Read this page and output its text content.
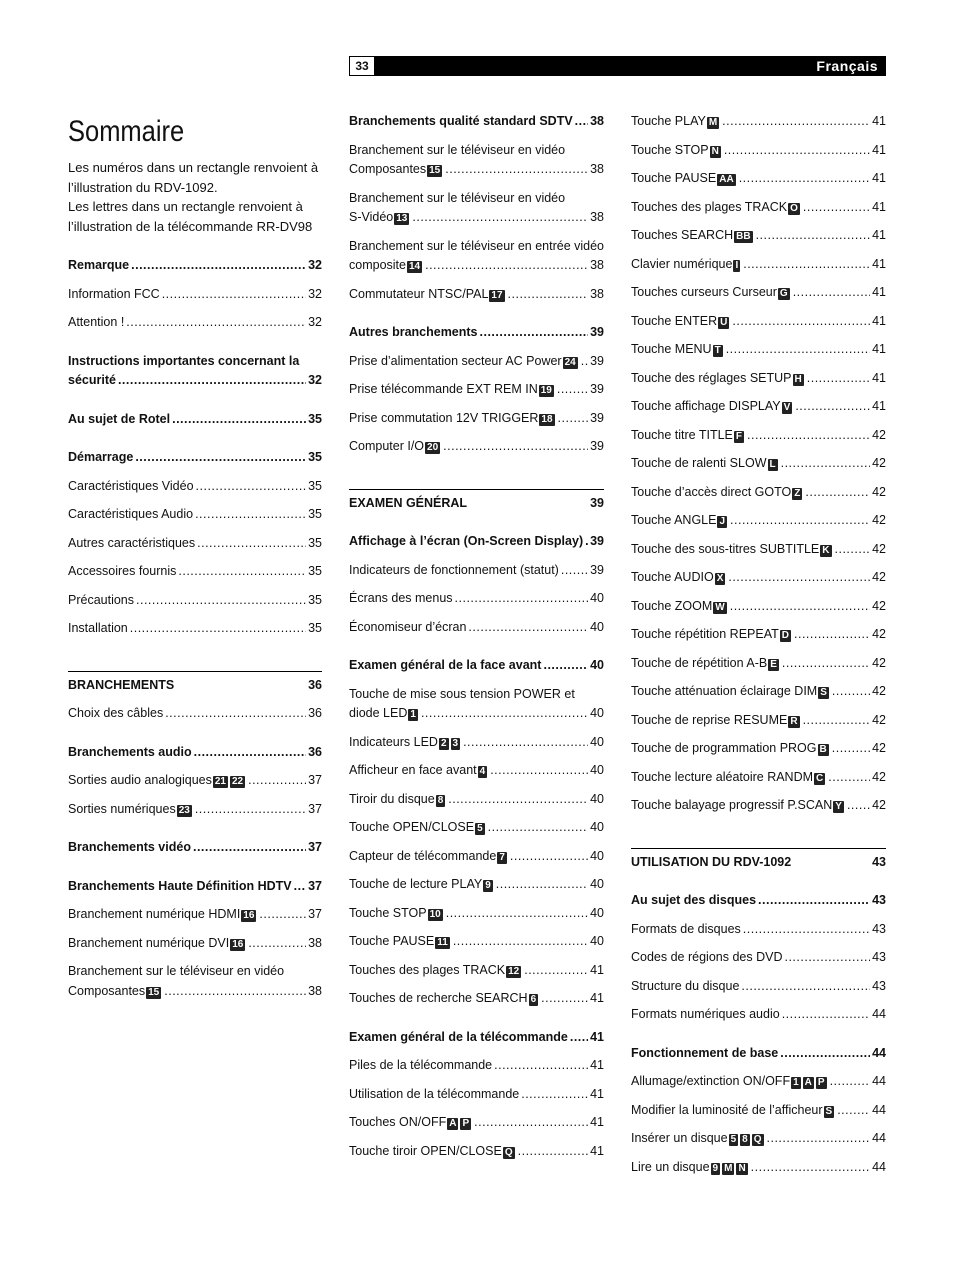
33	Français
Sommaire
Les numéros dans un rectangle renvoient à
l’illustration du RDV-1092.
Les lettres dans un rectangle renvoient à
l’illustration de la télécommande RR-DV98
Remarque .....	32
Information FCC .....	32
Attention ! .....	32
Instructions importantes concernant la
sécurité .....	32
Au sujet de Rotel .....	35
Démarrage .....	35
Caractéristiques Vidéo .....	35
Caractéristiques Audio .....	35
Autres caractéristiques .....	35
Accessoires fournis .....	35
Précautions .....	35
Installation .....	35
BRANCHEMENTS	36
Choix des câbles .....	36
Branchements audio .....	36
Sorties audio analogiques 21 22 .....	37
Sorties numériques 23 .....	37
Branchements vidéo .....	37
Branchements Haute Définition HDTV ..... 37
Branchement numérique HDMI 16 .....	37
Branchement numérique DVI 16 .....	38
Branchement sur le téléviseur en vidéo
Composantes 15 .....	38
Branchements qualité standard SDTV ..... 38
Branchement sur le téléviseur en vidéo
Composantes 15 .....	38
Branchement sur le téléviseur en vidéo
S-Vidéo 13 .....	38
Branchement sur le téléviseur en entrée vidéo
composite 14 .....	38
Commutateur NTSC/PAL 17 .....	38
Autres branchements .....	39
Prise d’alimentation secteur AC Power 24 ..... 39
Prise télécommande EXT REM IN 19 .....	39
Prise commutation 12V TRIGGER 18 .....	39
Computer I/O 20 .....	39
EXAMEN GÉNÉRAL	39
Affichage à l’écran (On-Screen Display) ..... 39
Indicateurs de fonctionnement (statut) .....	39
Écrans des menus .....	40
Économiseur d’écran .....	40
Examen général de la face avant .....	40
Touche de mise sous tension POWER et
diode LED 1 .....	40
Indicateurs LED 2 3 .....	40
Afficheur en face avant 4 .....	40
Tiroir du disque 8 .....	40
Touche OPEN/CLOSE 5 .....	40
Capteur de télécommande 7 .....	40
Touche de lecture PLAY 9 .....	40
Touche STOP 10 .....	40
Touche PAUSE 11 .....	40
Touches des plages TRACK 12 .....	41
Touches de recherche SEARCH 6 .....	41
Examen général de la télécommande ..... 41
Piles de la télécommande .....	41
Utilisation de la télécommande .....	41
Touches ON/OFF A P .....	41
Touche tiroir OPEN/CLOSE Q .....	41
Touche PLAY M .....	41
Touche STOP N .....	41
Touche PAUSE AA .....	41
Touches des plages TRACK O .....	41
Touches SEARCH BB .....	41
Clavier numérique I .....	41
Touches curseurs Curseur G .....	41
Touche ENTER U .....	41
Touche MENU T .....	41
Touche des réglages SETUP H .....	41
Touche affichage DISPLAY V .....	41
Touche titre TITLE F .....	42
Touche de ralenti SLOW L .....	42
Touche d’accès direct GOTO Z .....	42
Touche ANGLE J .....	42
Touche des sous-titres SUBTITLE K .....	42
Touche AUDIO X .....	42
Touche ZOOM W .....	42
Touche répétition REPEAT D .....	42
Touche de répétition A-B E .....	42
Touche atténuation éclairage DIM S .....	42
Touche de reprise RESUME R .....	42
Touche de programmation PROG B .....	42
Touche lecture aléatoire RANDM C .....	42
Touche balayage progressif P.SCAN Y ..... 42
UTILISATION DU RDV-1092	43
Au sujet des disques .....	43
Formats de disques .....	43
Codes de régions des DVD .....	43
Structure du disque .....	43
Formats numériques audio .....	44
Fonctionnement de base .....	44
Allumage/extinction ON/OFF 1 A P .....	44
Modifier la luminosité de l’afficheur S .....	44
Insérer un disque 5 8 Q .....	44
Lire un disque 9 M N .....	44
